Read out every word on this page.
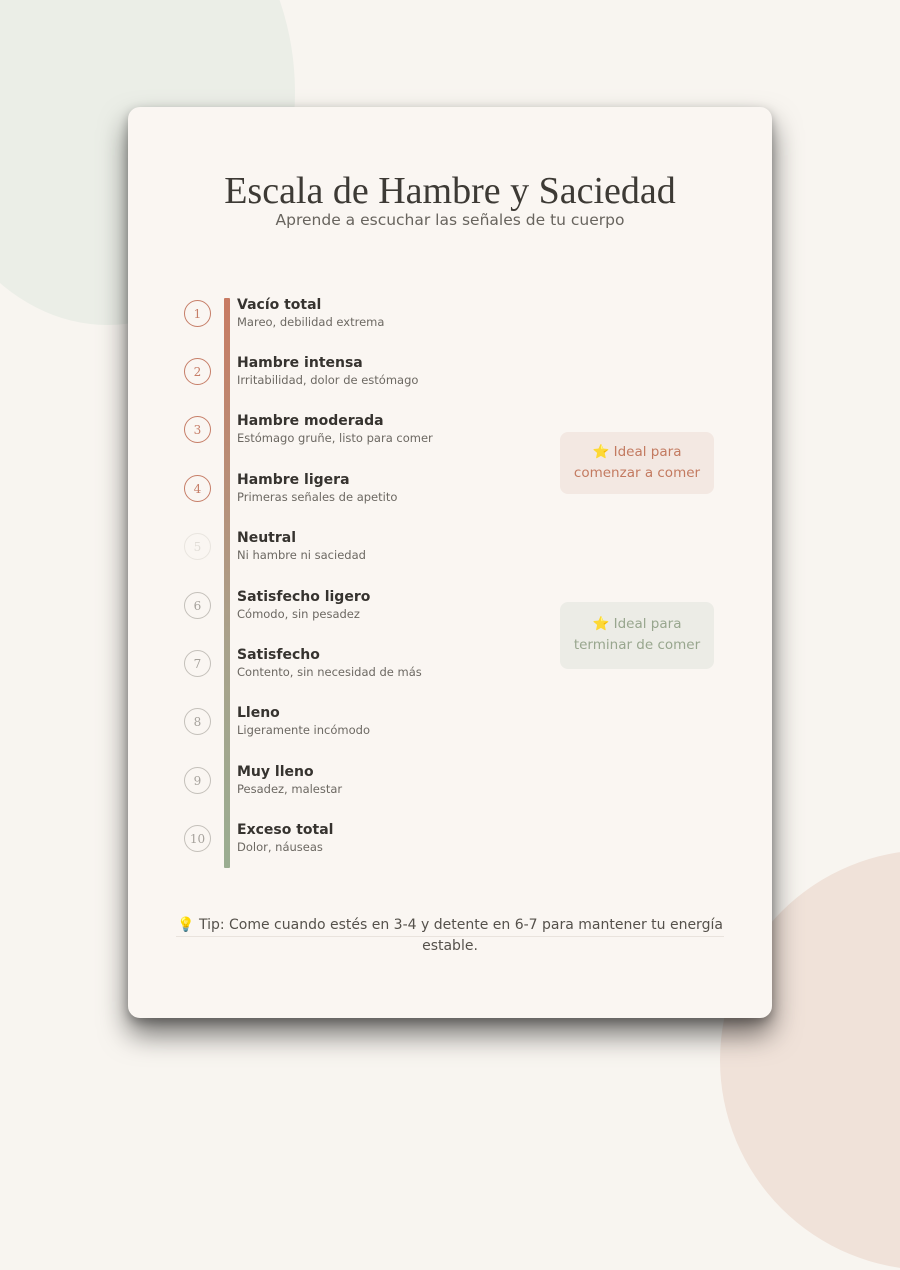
Escala de Hambre y Saciedad

Aprende a escuchar las señales de tu cuerpo

1
Vacío total
Mareo, debilidad extrema
2
Hambre intensa
Irritabilidad, dolor de estómago
3
Hambre moderada
Estómago gruñe, listo para comer
4
Hambre ligera
Primeras señales de apetito
5
Neutral
Ni hambre ni saciedad
6
Satisfecho ligero
Cómodo, sin pesadez
7
Satisfecho
Contento, sin necesidad de más
8
Lleno
Ligeramente incómodo
9
Muy lleno
Pesadez, malestar
10
Exceso total
Dolor, náuseas
⭐ Ideal para
comenzar a comer
⭐ Ideal para
terminar de comer

💡 Tip: Come cuando estés en 3-4 y detente en 6-7 para mantener tu energía estable.
